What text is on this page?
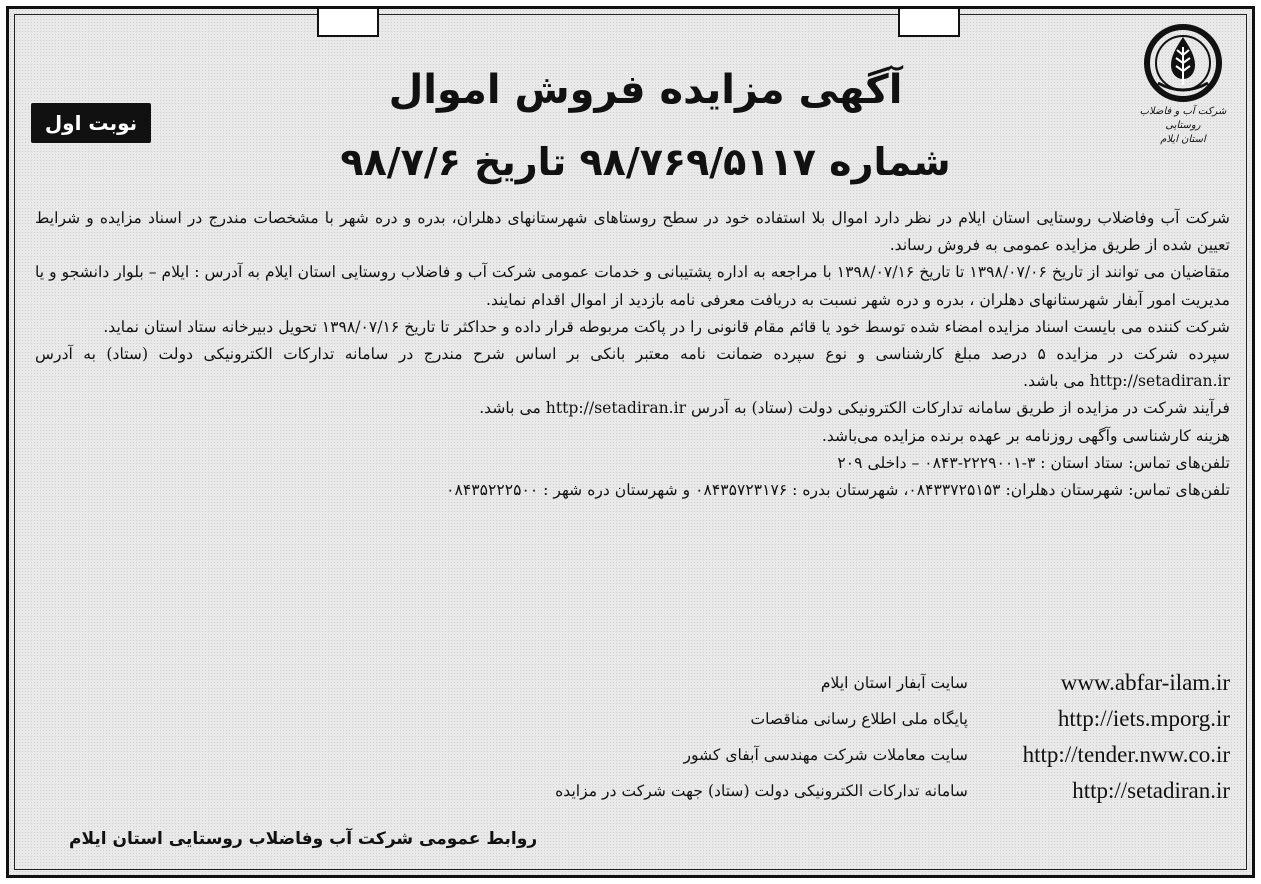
شرکت آب و فاضلاب روستایی
استان ایلام
نوبت اول
آگهی مزایده فروش اموال
شماره ۹۸/۷۶۹/۵۱۱۷ تاریخ ۹۸/۷/۶

شرکت آب وفاضلاب روستایی استان ایلام در نظر دارد اموال بلا استفاده خود در سطح روستاهای شهرستانهای دهلران، بدره و دره شهر با مشخصات مندرج در اسناد مزایده و شرایط تعیین شده از طریق مزایده عمومی به فروش رساند.

متقاضیان می توانند از تاریخ ۱۳۹۸/۰۷/۰۶ تا تاریخ ۱۳۹۸/۰۷/۱۶ با مراجعه به اداره پشتیبانی و خدمات عمومی شرکت آب و فاضلاب روستایی استان ایلام به آدرس : ایلام – بلوار دانشجو و یا مدیریت امور آبفار شهرستانهای دهلران ، بدره و دره شهر نسبت به دریافت معرفی نامه بازدید از اموال اقدام نمایند.

شرکت کننده می بایست اسناد مزایده امضاء شده توسط خود یا قائم مقام قانونی را در پاکت مربوطه قرار داده و حداکثر تا تاریخ ۱۳۹۸/۰۷/۱۶ تحویل دبیرخانه ستاد استان نماید.

سپرده شرکت در مزایده ۵ درصد مبلغ کارشناسی و نوع سپرده ضمانت نامه معتبر بانکی بر اساس شرح مندرج در سامانه تدارکات الکترونیکی دولت (ستاد) به آدرس http://setadiran.ir می باشد.

فرآیند شرکت در مزایده از طریق سامانه تدارکات الکترونیکی دولت (ستاد) به آدرس http://setadiran.ir می باشد.

هزینه کارشناسی وآگهی روزنامه بر عهده برنده مزایده می‌باشد.

تلفن‌های تماس: ستاد استان : ۳-۲۲۲۹۰۰۱-۰۸۴۳ – داخلی ۲۰۹

تلفن‌های تماس: شهرستان دهلران: ۰۸۴۳۳۷۲۵۱۵۳، شهرستان بدره : ۰۸۴۳۵۷۲۳۱۷۶ و شهرستان دره شهر : ۰۸۴۳۵۲۲۲۵۰۰

www.abfar-ilam.ir
سایت آبفار استان ایلام
http://iets.mporg.ir
پایگاه ملی اطلاع رسانی مناقصات
http://tender.nww.co.ir
سایت معاملات شرکت مهندسی آبفای کشور
http://setadiran.ir
سامانه تدارکات الکترونیکی دولت (ستاد) جهت شرکت در مزایده
روابط عمومی شرکت آب وفاضلاب روستایی استان ایلام
